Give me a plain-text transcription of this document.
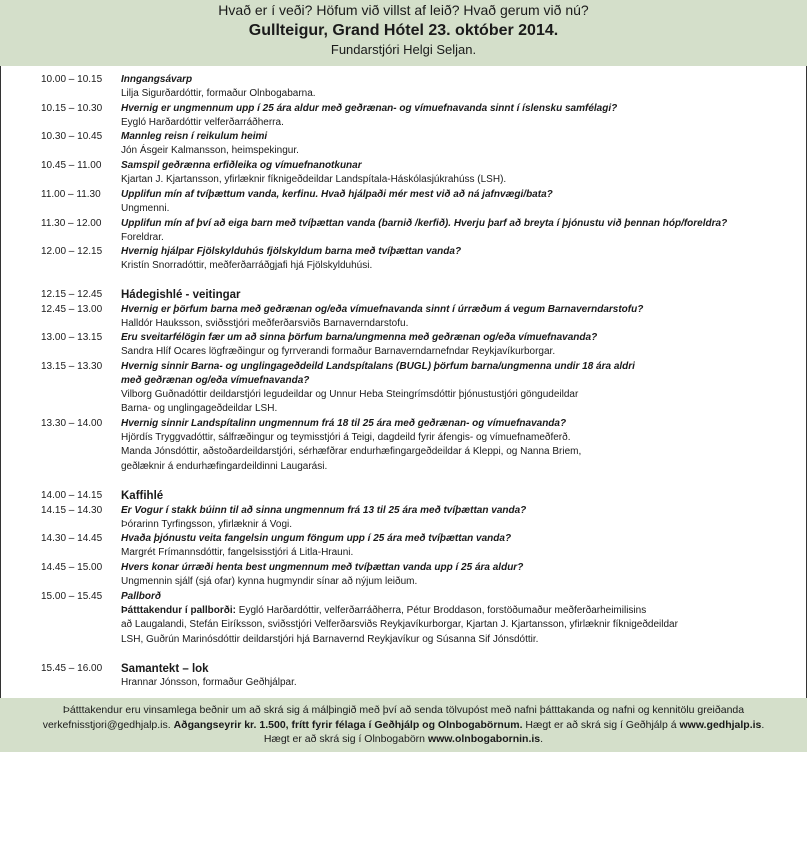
Hvað er í veði? Höfum við villst af leið? Hvað gerum við nú?
Gullteigur, Grand Hótel 23. október 2014.
Fundarstjóri Helgi Seljan.
10.00 – 10.15 Inngangsávarp
Lilja Sigurðardóttir, formaður Olnbogabarna.
10.15 – 10.30 Hvernig er ungmennum upp í 25 ára aldur með geðrænan- og vímuefnavanda sinnt í íslensku samfélagi?
Eygló Harðardóttir velferðarráðherra.
10.30 – 10.45 Mannleg reisn í reikulum heimi
Jón Ásgeir Kalmansson, heimspekingur.
10.45 – 11.00 Samspil geðrænna erfiðleika og vímuefnanotkunar
Kjartan J. Kjartansson, yfirlæknir fíknigeðdeildar Landspítala-Háskólasjúkrahúss (LSH).
11.00 – 11.30 Upplifun mín af tvíþættum vanda, kerfinu. Hvað hjálpaði mér mest við að ná jafnvægi/bata?
Ungmenni.
11.30 – 12.00 Upplifun mín af því að eiga barn með tvíþættan vanda (barnið /kerfið). Hverju þarf að breyta í þjónustu við þennan hóp/foreldra?
Foreldrar.
12.00 – 12.15 Hvernig hjálpar Fjölskylduhús fjölskyldum barna með tvíþættan vanda?
Kristín Snorradóttir, meðferðarráðgjafi hjá Fjölskylduhúsi.
12.15 – 12.45 Hádegishlé - veitingar
12.45 – 13.00 Hvernig er þörfum barna með geðrænan og/eða vímuefnavanda sinnt í úrræðum á vegum Barnaverndarstofu?
Halldór Hauksson, sviðsstjóri meðferðarsviðs Barnaverndarstofu.
13.00 – 13.15 Eru sveitarfélögin fær um að sinna þörfum barna/ungmenna með geðrænan og/eða vímuefnavanda?
Sandra Hlíf Ocares lögfræðingur og fyrrverandi formaður Barnaverndarnefndar Reykjavíkurborgar.
13.15 – 13.30 Hvernig sinnir Barna- og unglingageðdeild Landspítalans (BUGL) þörfum barna/ungmenna undir 18 ára aldri
með geðrænan og/eða vímuefnavanda?
Vilborg Guðnadóttir deildarstjóri legudeildar og Unnur Heba Steingrímsdóttir þjónustustjóri göngudeildar
Barna- og unglingageðdeildar LSH.
13.30 – 14.00 Hvernig sinnir Landspítalinn ungmennum frá 18 til 25 ára með geðrænan- og vímuefnavanda?
Hjördís Tryggvadóttir, sálfræðingur og teymisstjóri á Teigi, dagdeild fyrir áfengis- og vímuefnameðferð.
Manda Jónsdóttir, aðstoðardeildarstjóri, sérhæfðrar endurhæfingargeðdeildar á Kleppi, og Nanna Briem,
geðlæknir á endurhæfingardeildinni Laugarási.
14.00 – 14.15 Kaffihlé
14.15 – 14.30 Er Vogur í stakk búinn til að sinna ungmennum frá 13 til 25 ára með tvíþættan vanda?
Þórarinn Tyrfingsson, yfirlæknir á Vogi.
14.30 – 14.45 Hvaða þjónustu veita fangelsin ungum föngum upp í 25 ára með tvíþættan vanda?
Margrét Frímannsdóttir, fangelsisstjóri á Litla-Hrauni.
14.45 – 15.00 Hvers konar úrræði henta best ungmennum með tvíþættan vanda upp í 25 ára aldur?
Ungmennin sjálf (sjá ofar) kynna hugmyndir sínar að nýjum leiðum.
15.00 – 15.45 Pallborð
Þátttakendur í pallborði: Eygló Harðardóttir, velferðarráðherra, Pétur Broddason, forstöðumaður meðferðarheimilisins
að Laugalandi, Stefán Eiríksson, sviðsstjóri Velferðarsviðs Reykjavíkurborgar, Kjartan J. Kjartansson, yfirlæknir fíknigeðdeildar
LSH, Guðrún Marinósdóttir deildarstjóri hjá Barnavernd Reykjavíkur og Súsanna Sif Jónsdóttir.
15.45 – 16.00 Samantekt – lok
Hrannar Jónsson, formaður Geðhjálpar.
Þátttakendur eru vinsamlega beðnir um að skrá sig á málþingið með því að senda tölvupóst með nafni þátttakanda og nafni og kennitölu greiðanda
verkefnisstjori@gedhjalp.is. Aðgangseyrir kr. 1.500, frítt fyrir félaga í Geðhjálp og Olnbogabörnum. Hægt er að skrá sig í Geðhjálp á www.gedhjalp.is.
Hægt er að skrá sig í Olnbogabörn www.olnbogabornin.is.
